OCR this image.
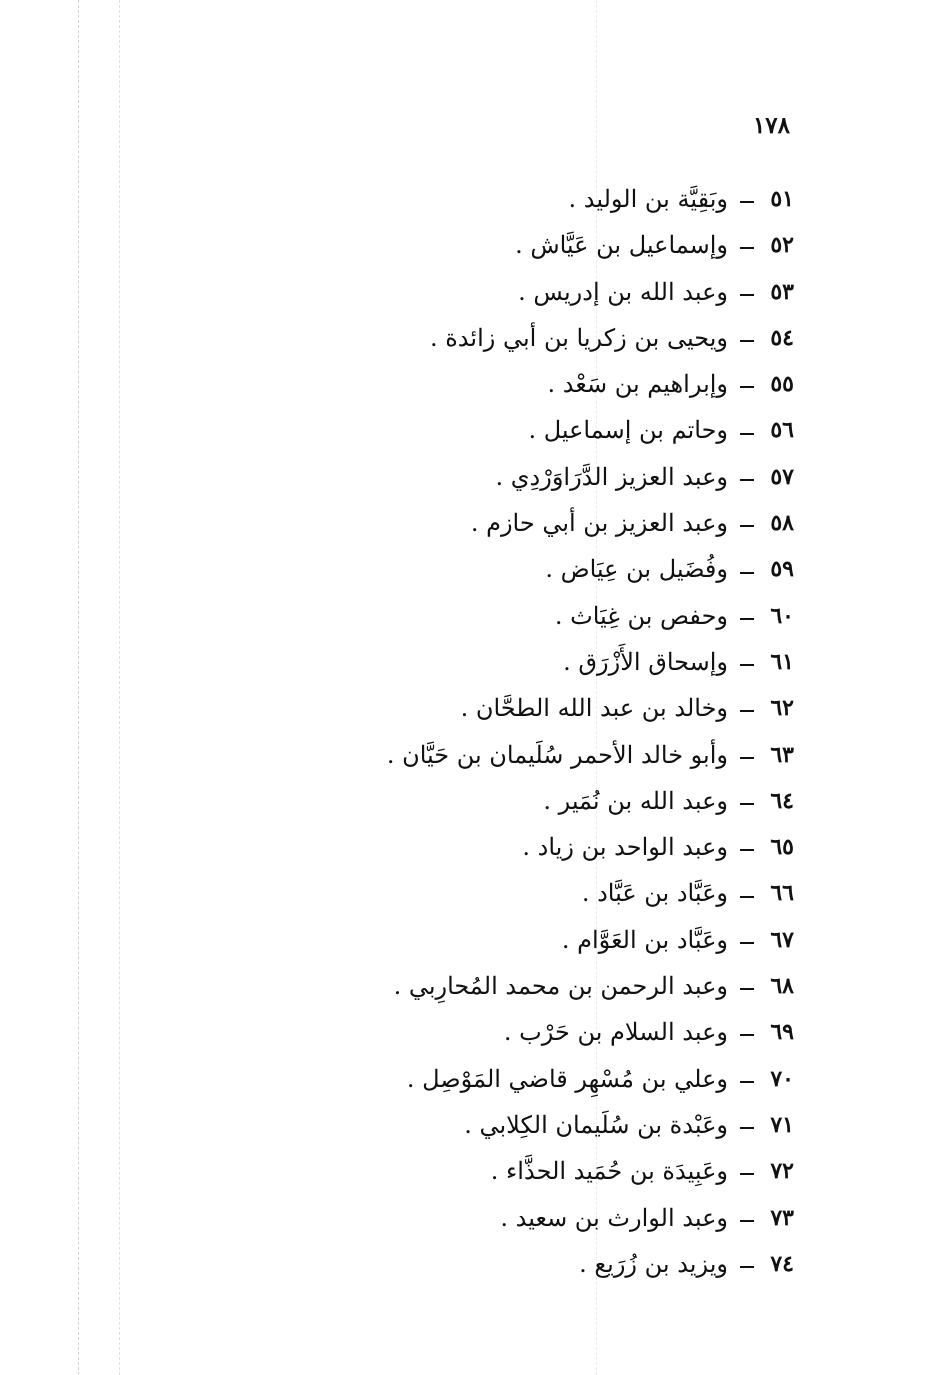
١٧٨
٥١
وبَقِيَّة بن الوليد .
٥٢
وإسماعيل بن عَيَّاش .
٥٣
وعبد الله بن إدريس .
٥٤
ويحيى بن زكريا بن أبي زائدة .
٥٥
وإبراهيم بن سَعْد .
٥٦
وحاتم بن إسماعيل .
٥٧
وعبد العزيز الدَّرَاوَرْدِي .
٥٨
وعبد العزيز بن أبي حازم .
٥٩
وفُضَيل بن عِيَاض .
٦٠
وحفص بن غِيَاث .
٦١
وإسحاق الأَزْرَق .
٦٢
وخالد بن عبد الله الطحَّان .
٦٣
وأبو خالد الأحمر سُلَيمان بن حَيَّان .
٦٤
وعبد الله بن نُمَير .
٦٥
وعبد الواحد بن زياد .
٦٦
وعَبَّاد بن عَبَّاد .
٦٧
وعَبَّاد بن العَوَّام .
٦٨
وعبد الرحمن بن محمد المُحارِبي .
٦٩
وعبد السلام بن حَرْب .
٧٠
وعلي بن مُسْهِر قاضي المَوْصِل .
٧١
وعَبْدة بن سُلَيمان الكِلابي .
٧٢
وعَبِيدَة بن حُمَيد الحذَّاء .
٧٣
وعبد الوارث بن سعيد .
٧٤
ويزيد بن زُرَيع .
